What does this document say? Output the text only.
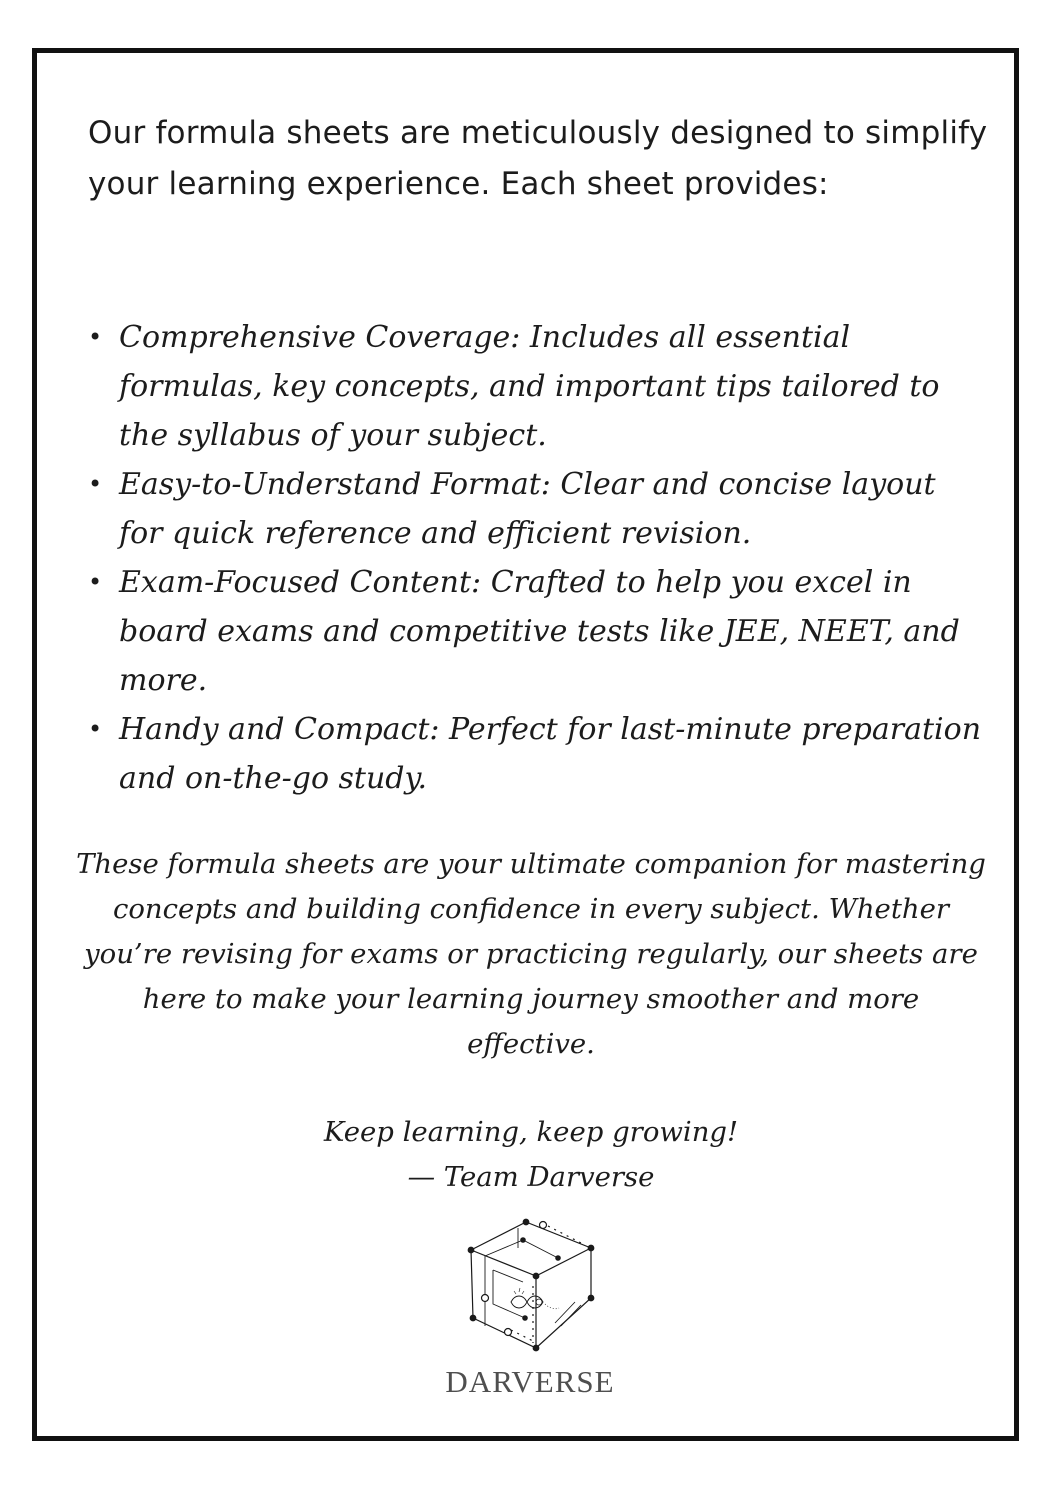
Our formula sheets are meticulously designed to simplify your learning experience. Each sheet provides:

• Comprehensive Coverage: Includes all essential formulas, key concepts, and important tips tailored to the syllabus of your subject.
• Easy-to-Understand Format: Clear and concise layout for quick reference and efficient revision.
• Exam-Focused Content: Crafted to help you excel in board exams and competitive tests like JEE, NEET, and more.
• Handy and Compact: Perfect for last-minute preparation and on-the-go study.

These formula sheets are your ultimate companion for mastering concepts and building confidence in every subject. Whether you’re revising for exams or practicing regularly, our sheets are here to make your learning journey smoother and more effective.

Keep learning, keep growing!
— Team Darverse
DARVERSE
